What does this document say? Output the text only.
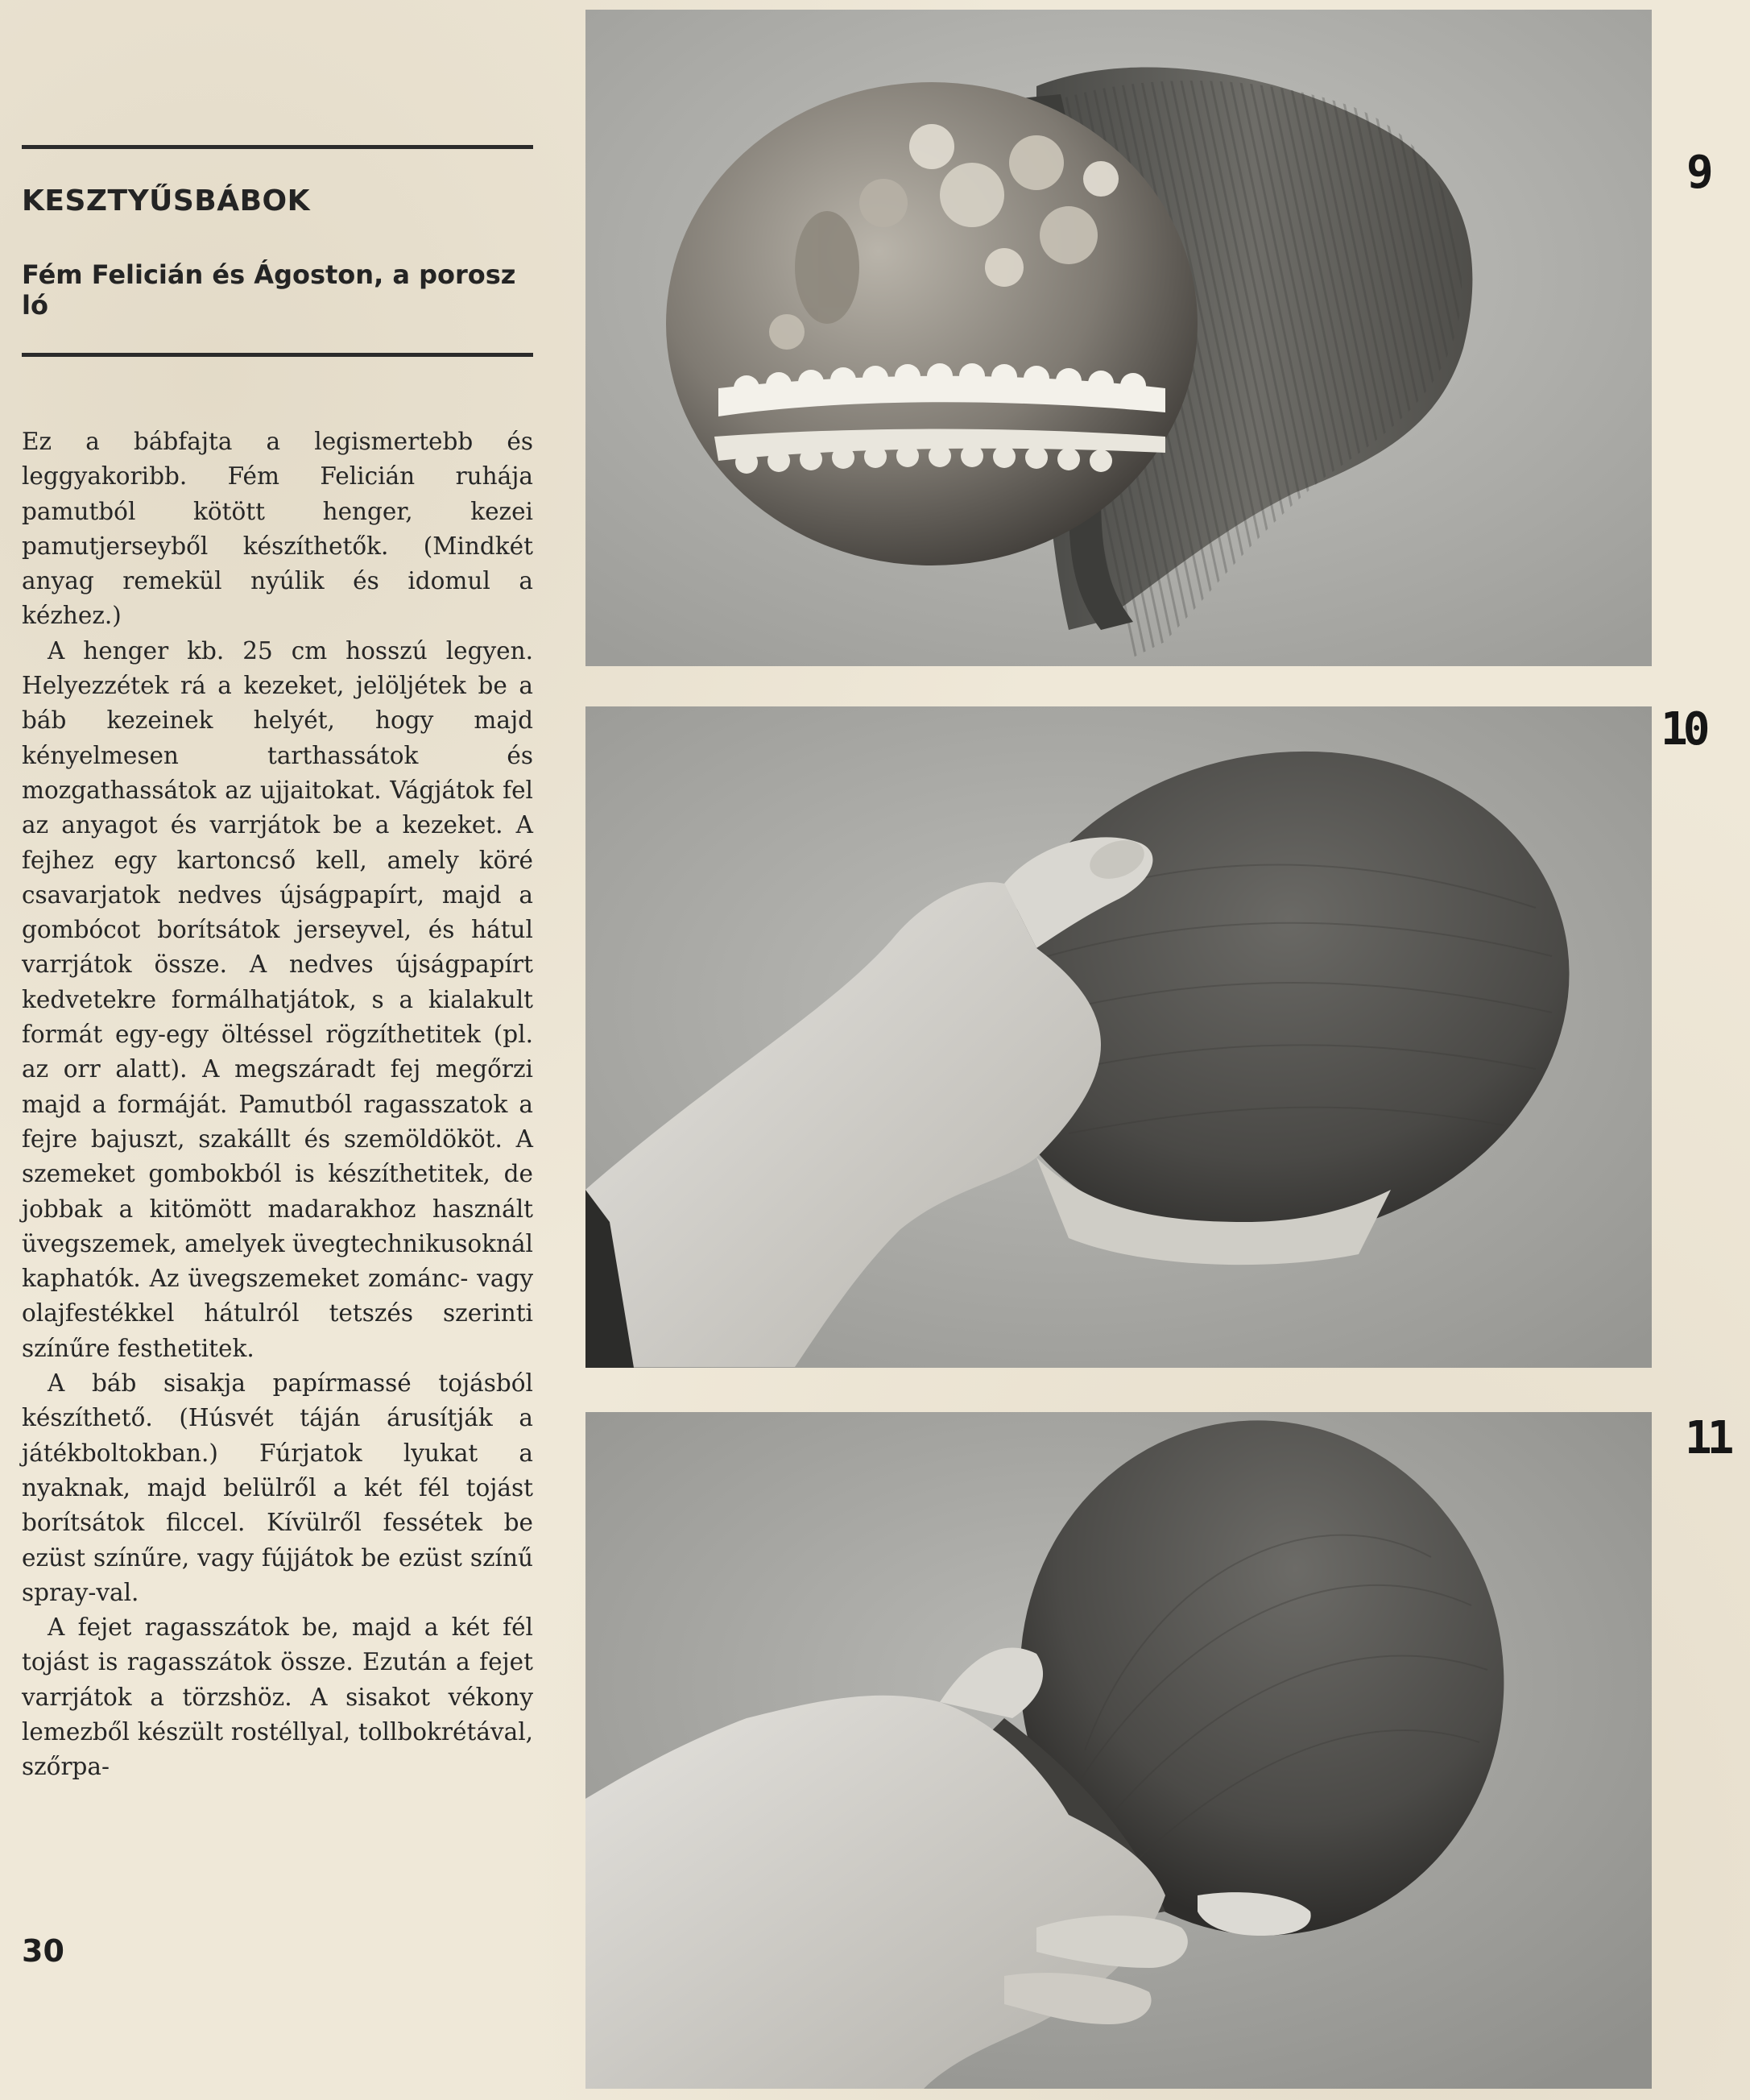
KESZTYŰSBÁBOK
Fém Felicián és Ágoston, a porosz ló

Ez a bábfajta a legismertebb és leggyakoribb. Fém Felicián ruhája pamutból kötött henger, kezei pamutjerseyből készíthetők. (Mindkét anyag remekül nyúlik és idomul a kézhez.)

A henger kb. 25 cm hosszú legyen. Helyezzétek rá a kezeket, jelöljétek be a báb kezeinek helyét, hogy majd kényelmesen tarthassátok és mozgathassátok az ujjaitokat. Vágjátok fel az anyagot és varrjátok be a kezeket. A fejhez egy kartoncső kell, amely köré csavarjatok nedves újságpapírt, majd a gombócot borítsátok jerseyvel, és hátul varrjátok össze. A nedves újságpapírt kedvetekre formálhatjátok, s a kialakult formát egy-egy öltéssel rögzíthetitek (pl. az orr alatt). A megszáradt fej megőrzi majd a formáját. Pamutból ragasszatok a fejre bajuszt, szakállt és szemöldököt. A szemeket gombokból is készíthetitek, de jobbak a kitömött madarakhoz használt üvegszemek, amelyek üvegtechnikusoknál kaphatók. Az üvegszemeket zománc- vagy olajfestékkel hátulról tetszés szerinti színűre festhetitek.

A báb sisakja papírmassé tojásból készíthető. (Húsvét táján árusítják a játékboltokban.) Fúrjatok lyukat a nyaknak, majd belülről a két fél tojást borítsátok filccel. Kívülről fessétek be ezüst színűre, vagy fújjátok be ezüst színű spray-val.

A fejet ragasszátok be, majd a két fél tojást is ragasszátok össze. Ezután a fejet varrjátok a törzshöz. A sisakot vékony lemezből készült rostéllyal, tollbokrétával, szőrpa-

30
9
10
11
